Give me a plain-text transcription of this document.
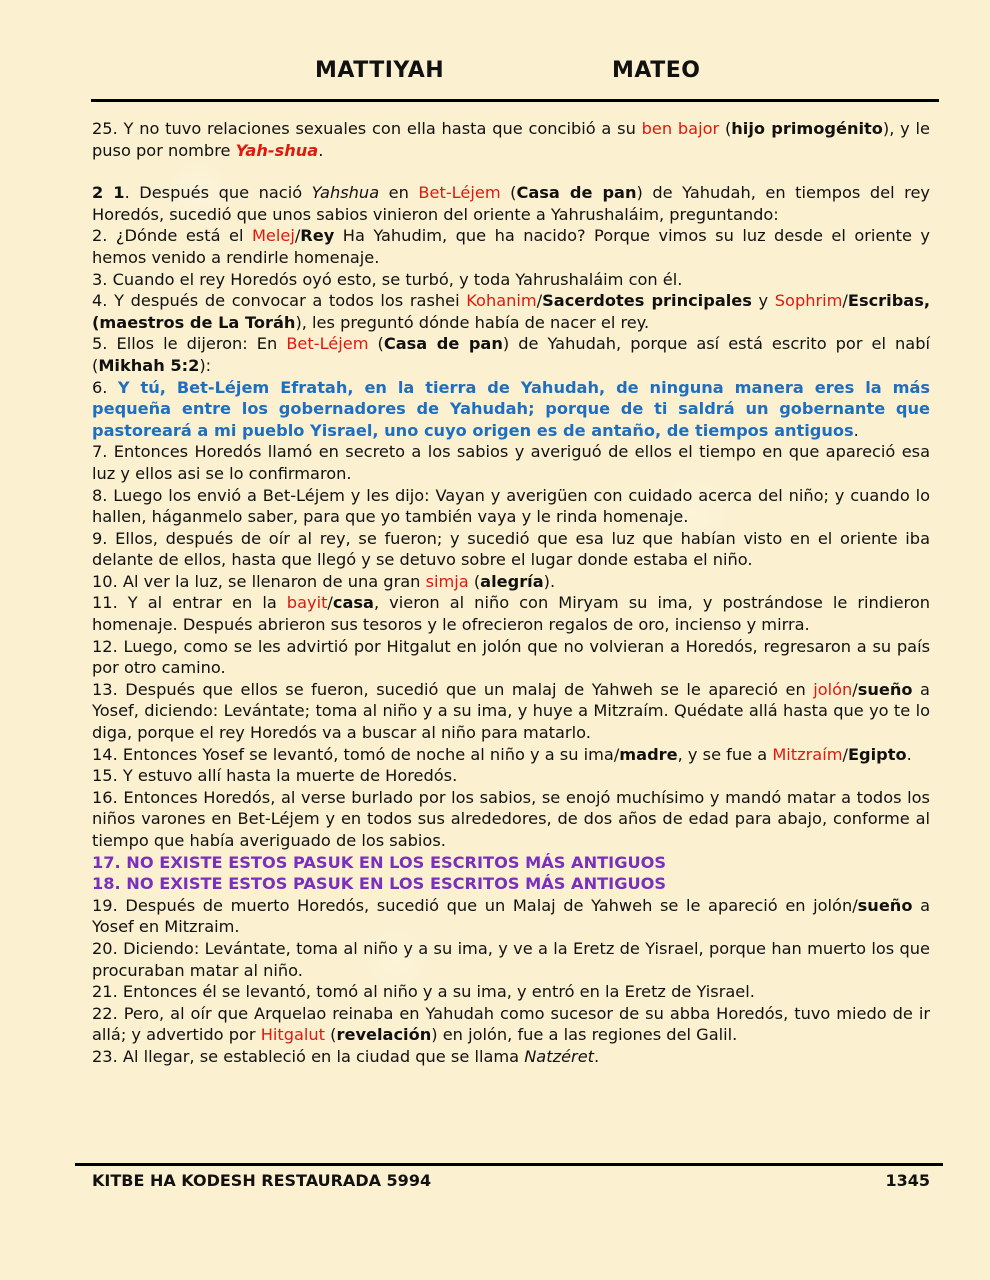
MATTIYAH	MATEO

25. Y no tuvo relaciones sexuales con ella hasta que concibió a su ben bajor (hijo primogénito), y le puso por nombre Yah-shua.

2 1. Después que nació Yahshua en Bet-Léjem (Casa de pan) de Yahudah, en tiempos del rey Horedós, sucedió que unos sabios vinieron del oriente a Yahrushaláim, preguntando:

2. ¿Dónde está el Melej/Rey Ha Yahudim, que ha nacido? Porque vimos su luz desde el oriente y hemos venido a rendirle homenaje.

3. Cuando el rey Horedós oyó esto, se turbó, y toda Yahrushaláim con él.

4. Y después de convocar a todos los rashei Kohanim/Sacerdotes principales y Sophrim/Escribas, (maestros de La Toráh), les preguntó dónde había de nacer el rey.

5. Ellos le dijeron: En Bet-Léjem (Casa de pan) de Yahudah, porque así está escrito por el nabí (Mikhah 5:2):

6. Y tú, Bet-Léjem Efratah, en la tierra de Yahudah, de ninguna manera eres la más pequeña entre los gobernadores de Yahudah; porque de ti saldrá un gobernante que pastoreará a mi pueblo Yisrael, uno cuyo origen es de antaño, de tiempos antiguos.

7. Entonces Horedós llamó en secreto a los sabios y averiguó de ellos el tiempo en que apareció esa luz y ellos asi se lo confirmaron.

8. Luego los envió a Bet-Léjem y les dijo: Vayan y averigüen con cuidado acerca del niño; y cuando lo hallen, háganmelo saber, para que yo también vaya y le rinda homenaje.

9. Ellos, después de oír al rey, se fueron; y sucedió que esa luz que habían visto en el oriente iba delante de ellos, hasta que llegó y se detuvo sobre el lugar donde estaba el niño.

10. Al ver la luz, se llenaron de una gran simja (alegría).

11. Y al entrar en la bayit/casa, vieron al niño con Miryam su ima, y postrándose le rindieron homenaje. Después abrieron sus tesoros y le ofrecieron regalos de oro, incienso y mirra.

12. Luego, como se les advirtió por Hitgalut en jolón que no volvieran a Horedós, regresaron a su país por otro camino.

13. Después que ellos se fueron, sucedió que un malaj de Yahweh se le apareció en jolón/sueño a Yosef, diciendo: Levántate; toma al niño y a su ima, y huye a Mitzraím. Quédate allá hasta que yo te lo diga, porque el rey Horedós va a buscar al niño para matarlo.

14. Entonces Yosef se levantó, tomó de noche al niño y a su ima/madre, y se fue a Mitzraím/Egipto.

15. Y estuvo allí hasta la muerte de Horedós.

16. Entonces Horedós, al verse burlado por los sabios, se enojó muchísimo y mandó matar a todos los niños varones en Bet-Léjem y en todos sus alrededores, de dos años de edad para abajo, conforme al tiempo que había averiguado de los sabios.

17. NO EXISTE ESTOS PASUK EN LOS ESCRITOS MÁS ANTIGUOS

18. NO EXISTE ESTOS PASUK EN LOS ESCRITOS MÁS ANTIGUOS

19. Después de muerto Horedós, sucedió que un Malaj de Yahweh se le apareció en jolón/sueño a Yosef en Mitzraim.

20. Diciendo: Levántate, toma al niño y a su ima, y ve a la Eretz de Yisrael, porque han muerto los que procuraban matar al niño.

21. Entonces él se levantó, tomó al niño y a su ima, y entró en la Eretz de Yisrael.

22. Pero, al oír que Arquelao reinaba en Yahudah como sucesor de su abba Horedós, tuvo miedo de ir allá; y advertido por Hitgalut (revelación) en jolón, fue a las regiones del Galil.

23. Al llegar, se estableció en la ciudad que se llama Natzéret.

KITBE HA KODESH RESTAURADA 5994	1345
